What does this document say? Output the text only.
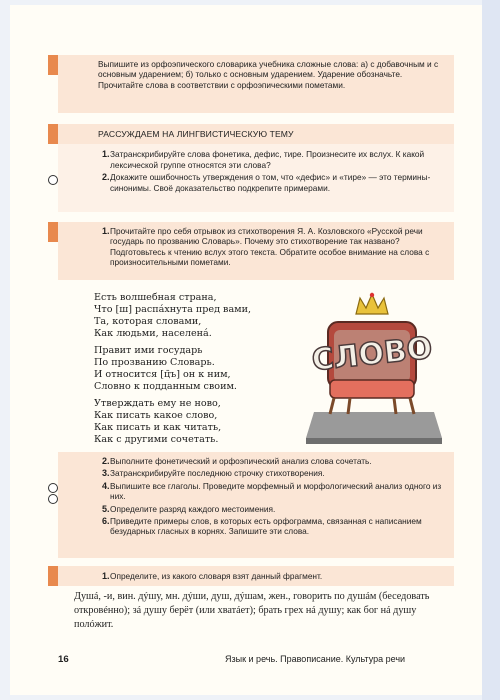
Выпишите из орфоэпического словарика учебника сложные слова: а) с добавочным и с основным ударением; б) только с основным ударением. Ударение обозначьте. Прочитайте слова в соответствии с орфоэпическими пометами.
РАССУЖДАЕМ НА ЛИНГВИСТИЧЕСКУЮ ТЕМУ
1. Затранскрибируйте слова фонетика, дефис, тире. Произнесите их вслух. К какой лексической группе относятся эти слова?
2. Докажите ошибочность утверждения о том, что «дефис» и «тире» — это термины-синонимы. Своё доказательство подкрепите примерами.
1. Прочитайте про себя отрывок из стихотворения Я. А. Козловского «Русской речи государь по прозванию Словарь». Почему это стихотворение так названо? Подготовьтесь к чтению вслух этого текста. Обратите особое внимание на слова с произносительными пометами.
Есть волшебная страна,
Что [ш] распáхнута пред вами,
Та, которая словами,
Как людьми, населенá.
Правит ими государь
По прозванию Словарь.
И относится [ц̄ъ] он к ним,
Словно к подданным своим.
Утверждать ему не ново,
Как писать какое слово,
Как писать и как читать,
Как с другими сочетать.
СЛОВО
2. Выполните фонетический и орфоэпический анализ слова сочетать.
3. Затранскрибируйте последнюю строчку стихотворения.
4. Выпишите все глаголы. Проведите морфемный и морфологический анализ одного из них.
5. Определите разряд каждого местоимения.
6. Приведите примеры слов, в которых есть орфограмма, связанная с написанием безударных гласных в корнях. Запишите эти слова.
1. Определите, из какого словаря взят данный фрагмент.
Душá, -и, вин. дýшу, мн. дýши, душ, дýшам, жен., говорить по душáм (беседовать откровéнно); зá душу берёт (или хватáет); брать грех нá душу; как бог нá душу полóжит.
16	Язык и речь. Правописание. Культура речи
